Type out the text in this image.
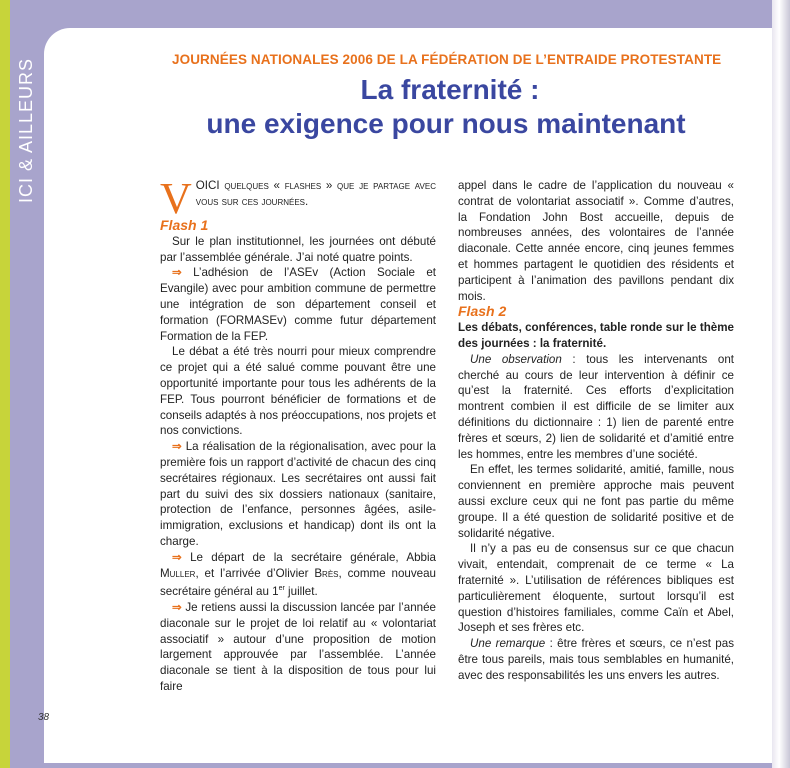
ICI & AILLEURS	JOURNÉES NATIONALES 2006 DE LA FÉDÉRATION DE L’ENTRAIDE PROTESTANTE
La fraternité :
une exigence pour nous maintenant

VOICI quelques « flashes » que je partage avec vous sur ces journées.

Flash 1

Sur le plan institutionnel, les journées ont débuté par l’assemblée générale. J’ai noté quatre points.

⇒ L’adhésion de l’ASEv (Action Sociale et Evangile) avec pour ambition commune de permettre une intégration de son département conseil et formation (FORMASEv) comme futur département Formation de la FEP.

Le débat a été très nourri pour mieux comprendre ce projet qui a été salué comme pouvant être une opportunité importante pour tous les adhérents de la FEP. Tous pourront bénéficier de formations et de conseils adaptés à nos préoccupations, nos projets et nos convictions.

⇒ La réalisation de la régionalisation, avec pour la première fois un rapport d’activité de chacun des cinq secrétaires régionaux. Les secrétaires ont aussi fait part du suivi des six dossiers nationaux (sanitaire, protection de l’enfance, personnes âgées, asile-immigration, exclusions et handicap) dont ils ont la charge.

⇒ Le départ de la secrétaire générale, Abbia Muller, et l’arrivée d’Olivier Brès, comme nouveau secrétaire général au 1er juillet.

⇒ Je retiens aussi la discussion lancée par l’année diaconale sur le projet de loi relatif au « volontariat associatif » autour d’une proposition de motion largement approuvée par l’assemblée. L’année diaconale se tient à la disposition de tous pour lui faire

appel dans le cadre de l’application du nouveau « contrat de volontariat associatif ». Comme d’autres, la Fondation John Bost accueille, depuis de nombreuses années, des volontaires de l’année diaconale. Cette année encore, cinq jeunes femmes et hommes partagent le quotidien des résidents et participent à l’animation des pavillons pendant dix mois.

Flash 2

Les débats, conférences, table ronde sur le thème des journées : la fraternité.

Une observation : tous les intervenants ont cherché au cours de leur intervention à définir ce qu’est la fraternité. Ces efforts d’explicitation montrent combien il est difficile de se limiter aux définitions du dictionnaire : 1) lien de parenté entre frères et sœurs, 2) lien de solidarité et d’amitié entre les hommes, entre les membres d’une société.

En effet, les termes solidarité, amitié, famille, nous conviennent en première approche mais peuvent aussi exclure ceux qui ne font pas partie du même groupe. Il a été question de solidarité positive et de solidarité négative.

Il n’y a pas eu de consensus sur ce que chacun vivait, entendait, comprenait de ce terme « La fraternité ». L’utilisation de références bibliques est particulièrement éloquente, surtout lorsqu’il est question d’histoires familiales, comme Caïn et Abel, Joseph et ses frères etc.

Une remarque : être frères et sœurs, ce n’est pas être tous pareils, mais tous semblables en humanité, avec des responsabilités les uns envers les autres.

38
